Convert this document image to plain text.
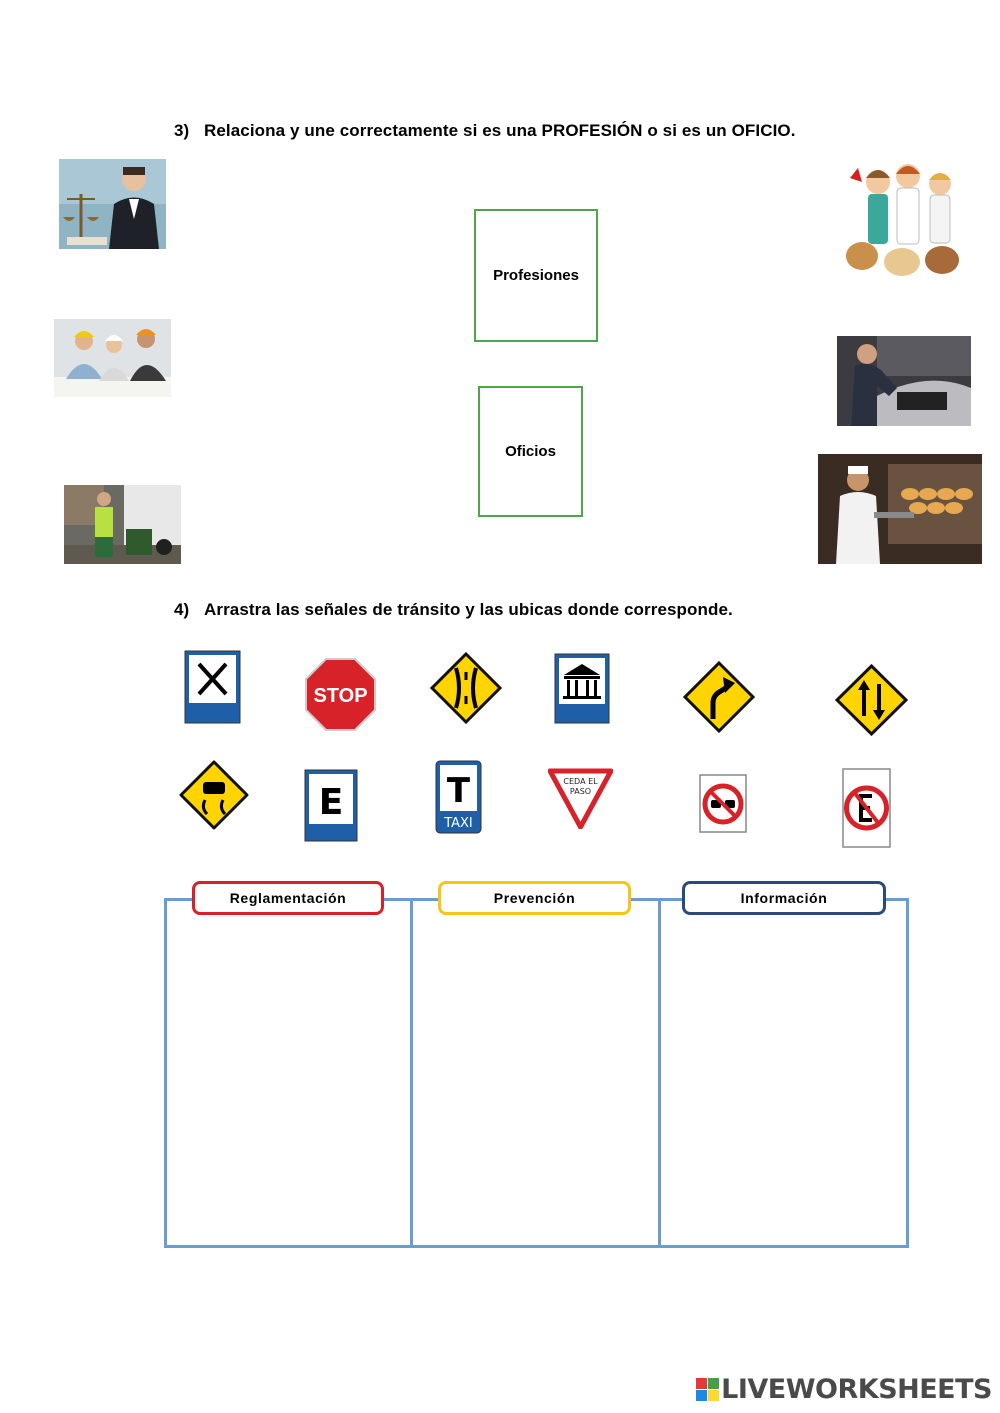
3) Relaciona y une correctamente si es una PROFESIÓN o si es un OFICIO.
Profesiones
Oficios
4) Arrastra las señales de tránsito y las ubicas donde corresponde.
STOP
E	T
TAXI
CEDA EL
PASO
Reglamentación	Prevención	Información
LIVEWORKSHEETS
